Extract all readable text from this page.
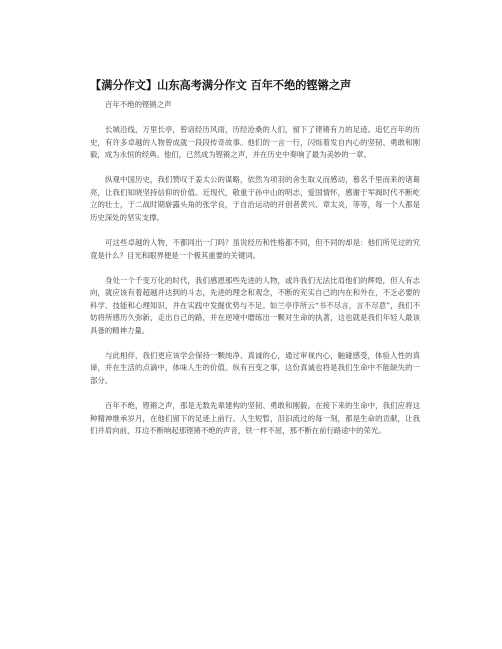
【满分作文】山东高考满分作文 百年不绝的铿锵之声

百年不绝的铿锵之声

长城沿线，万里长亭，曾谙经历风雨，历经沧桑的人们，留下了铿锵有力的足迹。追忆百年的历史，有许多卓越的人物曾成就一段段传奇故事。他们的一言一行，闪烁着发自内心的坚韧、勇敢和刚毅，成为永恒的经典。他们，已然成为铿锵之声，并在历史中奏响了最为美妙的一章。

纵观中国历史，我们赞叹于姜太公的谋略，依然为项羽的舍生取义而感动，慕名千里而来的诸葛亮，让我们知晓坚持信仰的价值。近现代，敬重于孙中山的明志，爱国情怀，感谢于军阀时代不断屹立的壮士，于二战时期崭露头角的张学良，于自治运动的开创者黄兴、章太炎，等等，每一个人都是历史深处的坚实支撑。

可这些卓越的人物，不都同出一门吗？虽说经历和性格都不同，但不同的却是：他们所见过的究竟是什么？目光和眼界便是一个极其重要的关键词。

身处一个千变万化的时代，我们感恩那些先进的人物，或许我们无法比肩他们的辉煌，但人有志向，就应该有着超越并达到的斗志，先进的理念和观念，不断的充实自己的内在和外在，不乏必要的科学、技能和心理知识，并在实践中发掘优势与不足。如兰亭序所云“书不尽言，言不尽意”，我们不妨将所感历久弥新，走出自己的路，并在逆境中磨练出一颗对生命的执著，这也就是我们年轻人最该具备的精神力量。

与此相伴，我们更应该学会保持一颗纯净、真诚的心，通过审视内心，触碰感受，体验人性的真谛，并在生活的点滴中，体味人生的价值。纵有百变之事，这份真诚也将是我们生命中不能缺失的一部分。

百年不绝，铿锵之声，那是无数先辈建构的坚韧、勇敢和刚毅。在接下来的生命中，我们应将这种精神继承岁月，在他们留下的足迹上前行。人生短暂，泪汩流过的每一刻，都是生命的贡献，让我们并肩向前，耳边不断响起那铿锵不绝的声音，铁一样不屈，那不断在前行路途中的荣光。
